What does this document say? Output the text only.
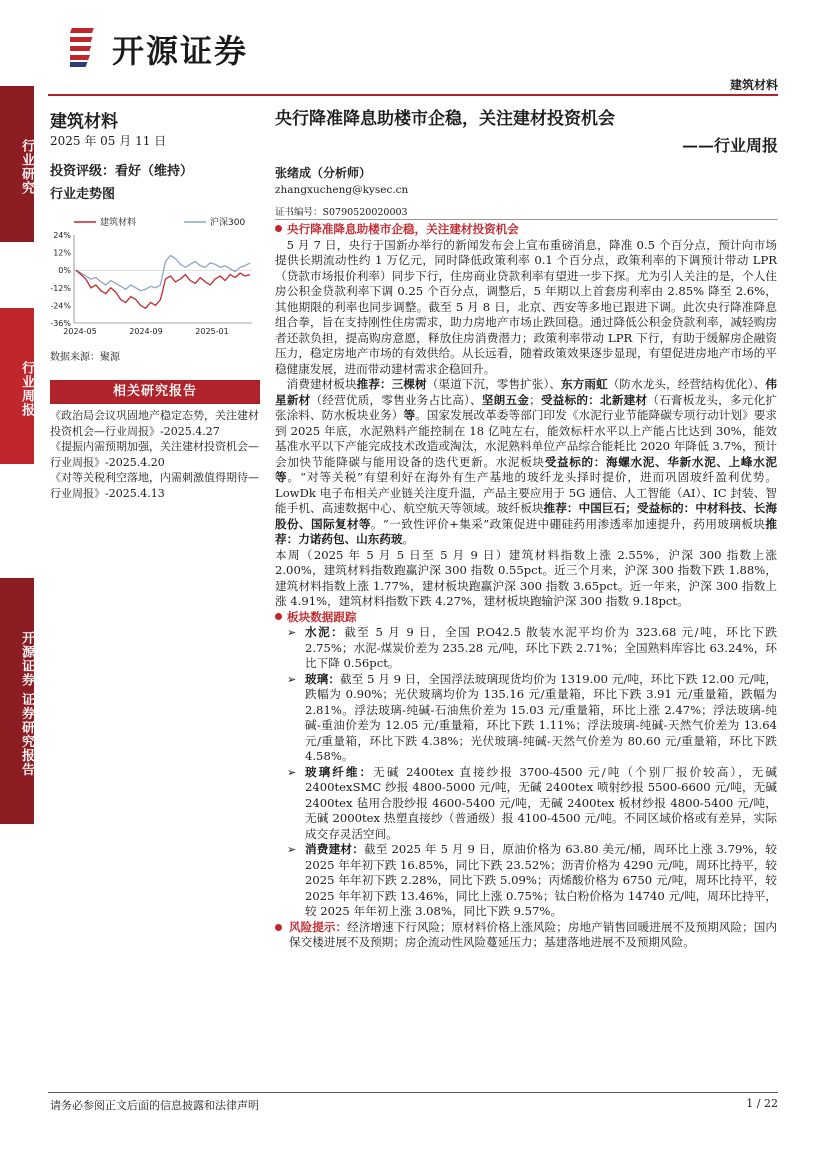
开源证券
建筑材料
行业研究
行业周报
开源证券 证券研究报告
建筑材料
2025 年 05 月 11 日
投资评级：看好（维持）
行业走势图
建筑材料	沪深300
24%
12%
0%
-12%
-24%
-36%
2024-05	2024-09	2025-01
数据来源：聚源
相关研究报告
《政治局会议巩固地产稳定态势，关注建材投资机会—行业周报》-2025.4.27
《提振内需预期加强，关注建材投资机会—行业周报》-2025.4.20
《对等关税利空落地，内需刺激值得期待—行业周报》-2025.4.13
央行降准降息助楼市企稳，关注建材投资机会
——行业周报
张绪成（分析师）
zhangxucheng@kysec.cn
证书编号：S0790520020003
央行降准降息助楼市企稳，关注建材投资机会
5 月 7 日，央行于国新办举行的新闻发布会上宣布重磅消息，降准 0.5 个百分点，预计向市场提供长期流动性约 1 万亿元，同时降低政策利率 0.1 个百分点，政策利率的下调预计带动 LPR（贷款市场报价利率）同步下行，住房商业贷款利率有望进一步下探。尤为引人关注的是，个人住房公积金贷款利率下调 0.25 个百分点，调整后，5 年期以上首套房利率由 2.85% 降至 2.6%，其他期限的利率也同步调整。截至 5 月 8 日，北京、西安等多地已跟进下调。此次央行降准降息组合拳，旨在支持刚性住房需求，助力房地产市场止跌回稳。通过降低公积金贷款利率，减轻购房者还款负担，提高购房意愿，释放住房消费潜力；政策利率带动 LPR 下行，有助于缓解房企融资压力，稳定房地产市场的有效供给。从长远看，随着政策效果逐步显现，有望促进房地产市场的平稳健康发展，进而带动建材需求企稳回升。
消费建材板块推荐：三棵树（渠道下沉，零售扩张）、东方雨虹（防水龙头，经营结构优化）、伟星新材（经营优质，零售业务占比高）、坚朗五金；受益标的：北新建材（石膏板龙头，多元化扩张涂料、防水板块业务）等。国家发展改革委等部门印发《水泥行业节能降碳专项行动计划》要求到 2025 年底，水泥熟料产能控制在 18 亿吨左右，能效标杆水平以上产能占比达到 30%，能效基准水平以下产能完成技术改造或淘汰，水泥熟料单位产品综合能耗比 2020 年降低 3.7%，预计会加快节能降碳与能用设备的迭代更新。水泥板块受益标的：海螺水泥、华新水泥、上峰水泥等。“对等关税”有望利好在海外有生产基地的玻纤龙头择时提价，进而巩固玻纤盈利优势。LowDk 电子布相关产业链关注度升温，产品主要应用于 5G 通信、人工智能（AI）、IC 封装、智能手机、高速数据中心、航空航天等领域。玻纤板块推荐：中国巨石；受益标的：中材科技、长海股份、国际复材等。“一致性评价+集采”政策促进中硼硅药用渗透率加速提升，药用玻璃板块推荐：力诺药包、山东药玻。
本周（2025 年 5 月 5 日至 5 月 9 日）建筑材料指数上涨 2.55%，沪深 300 指数上涨 2.00%，建筑材料指数跑赢沪深 300 指数 0.55pct。近三个月来，沪深 300 指数下跌 1.88%，建筑材料指数上涨 1.77%，建材板块跑赢沪深 300 指数 3.65pct。近一年来，沪深 300 指数上涨 4.91%，建筑材料指数下跌 4.27%，建材板块跑输沪深 300 指数 9.18pct。
板块数据跟踪
➢ 水泥：截至 5 月 9 日，全国 P.O42.5 散装水泥平均价为 323.68 元/吨，环比下跌 2.75%；水泥-煤炭价差为 235.28 元/吨，环比下跌 2.71%；全国熟料库容比 63.24%，环比下降 0.56pct。
➢ 玻璃：截至 5 月 9 日，全国浮法玻璃现货均价为 1319.00 元/吨，环比下跌 12.00 元/吨，跌幅为 0.90%；光伏玻璃均价为 135.16 元/重量箱，环比下跌 3.91 元/重量箱，跌幅为 2.81%。浮法玻璃-纯碱-石油焦价差为 15.03 元/重量箱，环比上涨 2.47%；浮法玻璃-纯碱-重油价差为 12.05 元/重量箱，环比下跌 1.11%；浮法玻璃-纯碱-天然气价差为 13.64 元/重量箱，环比下跌 4.38%；光伏玻璃-纯碱-天然气价差为 80.60 元/重量箱，环比下跌 4.58%。
➢ 玻璃纤维：无碱 2400tex 直接纱报 3700-4500 元/吨（个别厂报价较高），无碱 2400texSMC 纱报 4800-5000 元/吨，无碱 2400tex 喷射纱报 5500-6600 元/吨，无碱 2400tex 毡用合股纱报 4600-5400 元/吨，无碱 2400tex 板材纱报 4800-5400 元/吨，无碱 2000tex 热塑直接纱（普通级）报 4100-4500 元/吨。不同区域价格或有差异，实际成交存灵活空间。
➢ 消费建材：截至 2025 年 5 月 9 日，原油价格为 63.80 美元/桶，周环比上涨 3.79%，较 2025 年年初下跌 16.85%，同比下跌 23.52%；沥青价格为 4290 元/吨，周环比持平，较 2025 年年初下跌 2.28%，同比下跌 5.09%；丙烯酸价格为 6750 元/吨，周环比持平，较 2025 年年初下跌 13.46%，同比上涨 0.75%；钛白粉价格为 14740 元/吨，周环比持平，较 2025 年年初上涨 3.08%，同比下跌 9.57%。
风险提示：经济增速下行风险；原材料价格上涨风险；房地产销售回暖进展不及预期风险；国内保交楼进展不及预期；房企流动性风险蔓延压力；基建落地进展不及预期风险。
请务必参阅正文后面的信息披露和法律声明	1 / 22
